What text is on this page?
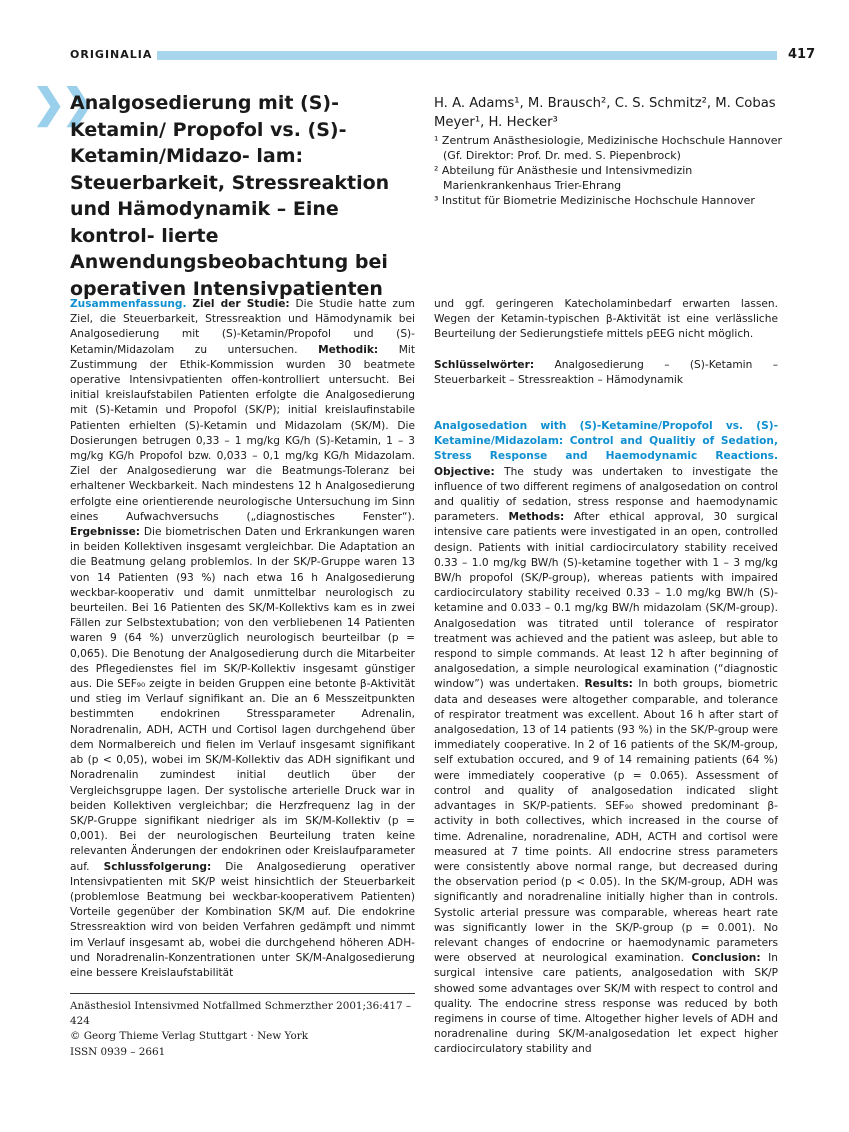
ORIGINALIA	417
❯❯
Analgosedierung mit (S)-Ketamin/ Propofol vs. (S)-Ketamin/Midazo- lam: Steuerbarkeit, Stressreaktion und Hämodynamik – Eine kontrol- lierte Anwendungsbeobachtung bei operativen Intensivpatienten
H. A. Adams¹, M. Brausch², C. S. Schmitz², M. Cobas Meyer¹, H. Hecker³
¹ Zentrum Anästhesiologie, Medizinische Hochschule Hannover (Gf. Direktor: Prof. Dr. med. S. Piepenbrock)
² Abteilung für Anästhesie und Intensivmedizin Marienkrankenhaus Trier-Ehrang
³ Institut für Biometrie Medizinische Hochschule Hannover
Zusammenfassung. Ziel der Studie: Die Studie hatte zum Ziel, die Steuerbarkeit, Stressreaktion und Hämodynamik bei Analgosedierung mit (S)-Ketamin/Propofol und (S)-Ketamin/Midazolam zu untersuchen. Methodik: Mit Zustimmung der Ethik-Kommission wurden 30 beatmete operative Intensivpatienten offen-kontrolliert untersucht. Bei initial kreislaufstabilen Patienten erfolgte die Analgosedierung mit (S)-Ketamin und Propofol (SK/P); initial kreislaufinstabile Patienten erhielten (S)-Ketamin und Midazolam (SK/M). Die Dosierungen betrugen 0,33 – 1 mg/kg KG/h (S)-Ketamin, 1 – 3 mg/kg KG/h Propofol bzw. 0,033 – 0,1 mg/kg KG/h Midazolam. Ziel der Analgosedierung war die Beatmungs-Toleranz bei erhaltener Weckbarkeit. Nach mindestens 12 h Analgosedierung erfolgte eine orientierende neurologische Untersuchung im Sinn eines Aufwachversuchs („diagnostisches Fenster“). Ergebnisse: Die biometrischen Daten und Erkrankungen waren in beiden Kollektiven insgesamt vergleichbar. Die Adaptation an die Beatmung gelang problemlos. In der SK/P-Gruppe waren 13 von 14 Patienten (93 %) nach etwa 16 h Analgosedierung weckbar-kooperativ und damit unmittelbar neurologisch zu beurteilen. Bei 16 Patienten des SK/M-Kollektivs kam es in zwei Fällen zur Selbstextubation; von den verbliebenen 14 Patienten waren 9 (64 %) unverzüglich neurologisch beurteilbar (p = 0,065). Die Benotung der Analgosedierung durch die Mitarbeiter des Pflegedienstes fiel im SK/P-Kollektiv insgesamt günstiger aus. Die SEF₉₀ zeigte in beiden Gruppen eine betonte β-Aktivität und stieg im Verlauf signifikant an. Die an 6 Messzeitpunkten bestimmten endokrinen Stressparameter Adrenalin, Noradrenalin, ADH, ACTH und Cortisol lagen durchgehend über dem Normalbereich und fielen im Verlauf insgesamt signifikant ab (p < 0,05), wobei im SK/M-Kollektiv das ADH signifikant und Noradrenalin zumindest initial deutlich über der Vergleichsgruppe lagen. Der systolische arterielle Druck war in beiden Kollektiven vergleichbar; die Herzfrequenz lag in der SK/P-Gruppe signifikant niedriger als im SK/M-Kollektiv (p = 0,001). Bei der neurologischen Beurteilung traten keine relevanten Änderungen der endokrinen oder Kreislaufparameter auf. Schlussfolgerung: Die Analgosedierung operativer Intensivpatienten mit SK/P weist hinsichtlich der Steuerbarkeit (problemlose Beatmung bei weckbar-kooperativem Patienten) Vorteile gegenüber der Kombination SK/M auf. Die endokrine Stressreaktion wird von beiden Verfahren gedämpft und nimmt im Verlauf insgesamt ab, wobei die durchgehend höheren ADH- und Noradrenalin-Konzentrationen unter SK/M-Analgosedierung eine bessere Kreislaufstabilität
und ggf. geringeren Katecholaminbedarf erwarten lassen. Wegen der Ketamin-typischen β-Aktivität ist eine verlässliche Beurteilung der Sedierungstiefe mittels pEEG nicht möglich.
Schlüsselwörter: Analgosedierung – (S)-Ketamin – Steuerbarkeit – Stressreaktion – Hämodynamik
Analgosedation with (S)-Ketamine/Propofol vs. (S)-Ketamine/Midazolam: Control and Qualitiy of Sedation, Stress Response and Haemodynamic Reactions. Objective: The study was undertaken to investigate the influence of two different regimens of analgosedation on control and qualitiy of sedation, stress response and haemodynamic parameters. Methods: After ethical approval, 30 surgical intensive care patients were investigated in an open, controlled design. Patients with initial cardiocirculatory stability received 0.33 – 1.0 mg/kg BW/h (S)-ketamine together with 1 – 3 mg/kg BW/h propofol (SK/P-group), whereas patients with impaired cardiocirculatory stability received 0.33 – 1.0 mg/kg BW/h (S)-ketamine and 0.033 – 0.1 mg/kg BW/h midazolam (SK/M-group). Analgosedation was titrated until tolerance of respirator treatment was achieved and the patient was asleep, but able to respond to simple commands. At least 12 h after beginning of analgosedation, a simple neurological examination (“diagnostic window”) was undertaken. Results: In both groups, biometric data and deseases were altogether comparable, and tolerance of respirator treatment was excellent. About 16 h after start of analgosedation, 13 of 14 patients (93 %) in the SK/P-group were immediately cooperative. In 2 of 16 patients of the SK/M-group, self extubation occured, and 9 of 14 remaining patients (64 %) were immediately cooperative (p = 0.065). Assessment of control and quality of analgosedation indicated slight advantages in SK/P-patients. SEF₉₀ showed predominant β-activity in both collectives, which increased in the course of time. Adrenaline, noradrenaline, ADH, ACTH and cortisol were measured at 7 time points. All endocrine stress parameters were consistently above normal range, but decreased during the observation period (p < 0.05). In the SK/M-group, ADH was significantly and noradrenaline initially higher than in controls. Systolic arterial pressure was comparable, whereas heart rate was significantly lower in the SK/P-group (p = 0.001). No relevant changes of endocrine or haemodynamic parameters were observed at neurological examination. Conclusion: In surgical intensive care patients, analgosedation with SK/P showed some advantages over SK/M with respect to control and quality. The endocrine stress response was reduced by both regimens in course of time. Altogether higher levels of ADH and noradrenaline during SK/M-analgosedation let expect higher cardiocirculatory stability and
Anästhesiol Intensivmed Notfallmed Schmerzther 2001;36:417 – 424
© Georg Thieme Verlag Stuttgart · New York
ISSN 0939 – 2661
